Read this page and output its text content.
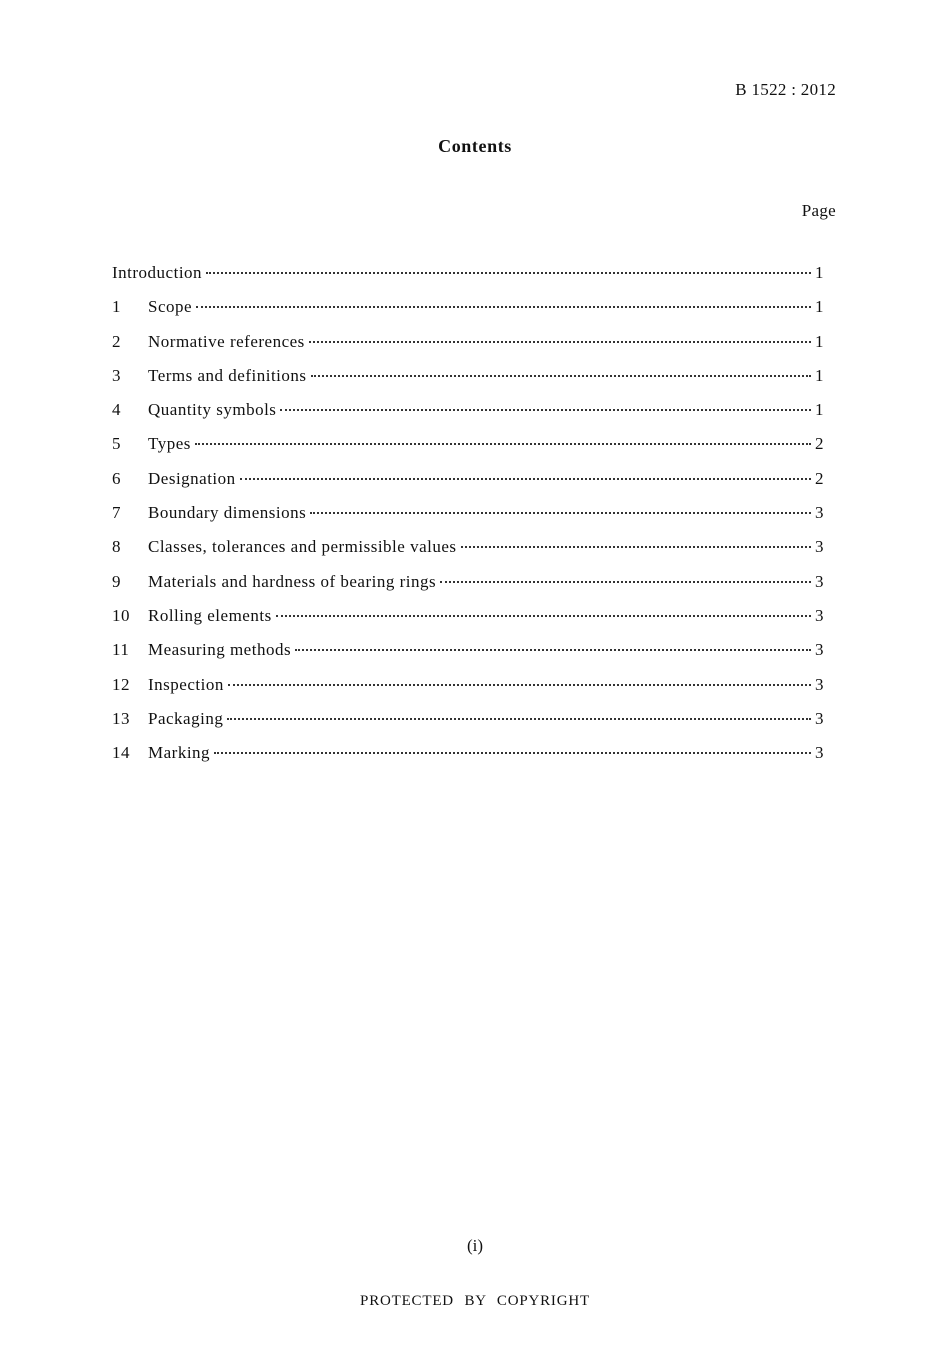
B 1522 : 2012
Contents
Page
Introduction	1
1	Scope	1
2	Normative references	1
3	Terms and definitions	1
4	Quantity symbols	1
5	Types	2
6	Designation	2
7	Boundary dimensions	3
8	Classes, tolerances and permissible values	3
9	Materials and hardness of bearing rings	3
10	Rolling elements	3
11	Measuring methods	3
12	Inspection	3
13	Packaging	3
14	Marking	3
(i)
PROTECTED BY COPYRIGHT
